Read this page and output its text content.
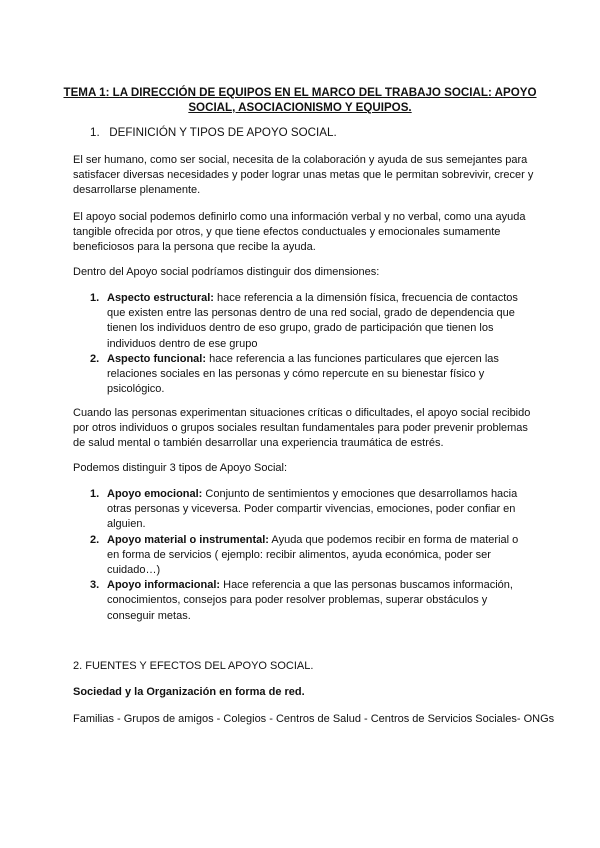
TEMA 1: LA DIRECCIÓN DE EQUIPOS EN EL MARCO DEL TRABAJO SOCIAL: APOYO
SOCIAL, ASOCIACIONISMO Y EQUIPOS.
1. DEFINICIÓN Y TIPOS DE APOYO SOCIAL.
El ser humano, como ser social, necesita de la colaboración y ayuda de sus semejantes para satisfacer diversas necesidades y poder lograr unas metas que le permitan sobrevivir, crecer y desarrollarse plenamente.
El apoyo social podemos definirlo como una información verbal y no verbal, como una ayuda tangible ofrecida por otros, y que tiene efectos conductuales y emocionales sumamente beneficiosos para la persona que recibe la ayuda.
Dentro del Apoyo social podríamos distinguir dos dimensiones:
1. Aspecto estructural: hace referencia a la dimensión física, frecuencia de contactos que existen entre las personas dentro de una red social, grado de dependencia que tienen los individuos dentro de eso grupo, grado de participación que tienen los individuos dentro de ese grupo
2. Aspecto funcional: hace referencia a las funciones particulares que ejercen las relaciones sociales en las personas y cómo repercute en su bienestar físico y psicológico.
Cuando las personas experimentan situaciones críticas o dificultades, el apoyo social recibido por otros individuos o grupos sociales resultan fundamentales para poder prevenir problemas de salud mental o también desarrollar una experiencia traumática de estrés.
Podemos distinguir 3 tipos de Apoyo Social:
1. Apoyo emocional: Conjunto de sentimientos y emociones que desarrollamos hacia otras personas y viceversa. Poder compartir vivencias, emociones, poder confiar en alguien.
2. Apoyo material o instrumental: Ayuda que podemos recibir en forma de material o en forma de servicios ( ejemplo: recibir alimentos, ayuda económica, poder ser cuidado…)
3. Apoyo informacional: Hace referencia a que las personas buscamos información, conocimientos, consejos para poder resolver problemas, superar obstáculos y conseguir metas.
2. FUENTES Y EFECTOS DEL APOYO SOCIAL.
Sociedad y la Organización en forma de red.
Familias - Grupos de amigos - Colegios - Centros de Salud - Centros de Servicios Sociales- ONGs
